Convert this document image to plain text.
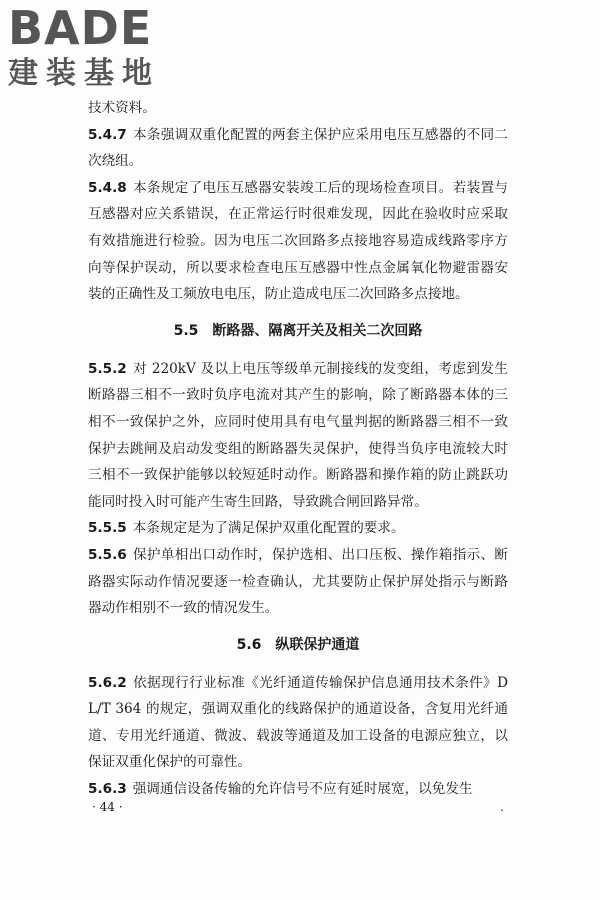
BADE
建装基地

技术资料。

5.4.7 本条强调双重化配置的两套主保护应采用电压互感器的不同二次绕组。

5.4.8 本条规定了电压互感器安装竣工后的现场检查项目。若装置与互感器对应关系错误，在正常运行时很难发现，因此在验收时应采取有效措施进行检验。因为电压二次回路多点接地容易造成线路零序方向等保护误动，所以要求检查电压互感器中性点金属氧化物避雷器安装的正确性及工频放电电压，防止造成电压二次回路多点接地。

5.5 断路器、隔离开关及相关二次回路

5.5.2 对 220kV 及以上电压等级单元制接线的发变组，考虑到发生断路器三相不一致时负序电流对其产生的影响，除了断路器本体的三相不一致保护之外，应同时使用具有电气量判据的断路器三相不一致保护去跳闸及启动发变组的断路器失灵保护，使得当负序电流较大时三相不一致保护能够以较短延时动作。断路器和操作箱的防止跳跃功能同时投入时可能产生寄生回路，导致跳合闸回路异常。

5.5.5 本条规定是为了满足保护双重化配置的要求。

5.5.6 保护单相出口动作时，保护选相、出口压板、操作箱指示、断路器实际动作情况要逐一检查确认，尤其要防止保护屏处指示与断路器动作相别不一致的情况发生。

5.6 纵联保护通道

5.6.2 依据现行行业标准《光纤通道传输保护信息通用技术条件》DL/T 364 的规定，强调双重化的线路保护的通道设备，含复用光纤通道、专用光纤通道、微波、载波等通道及加工设备的电源应独立，以保证双重化保护的可靠性。

5.6.3 强调通信设备传输的允许信号不应有延时展宽，以免发生

· 44 ·	.
